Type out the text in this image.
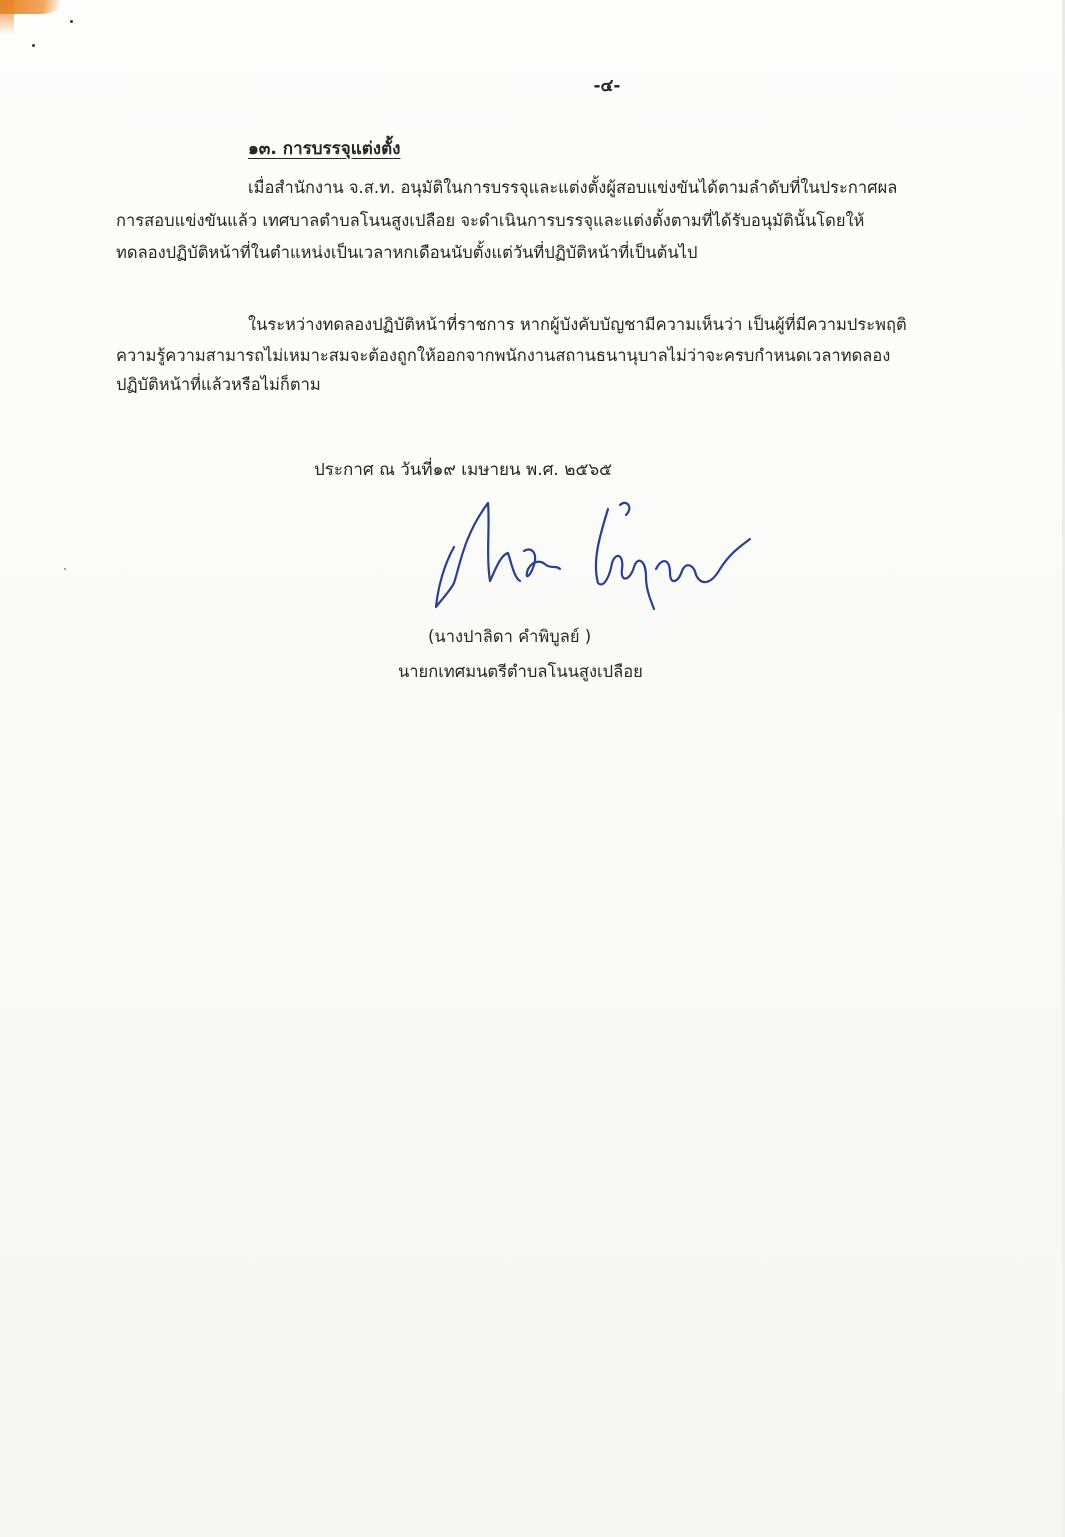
-๔-
๑๓. การบรรจุแต่งตั้ง
เมื่อสำนักงาน จ.ส.ท. อนุมัติในการบรรจุและแต่งตั้งผู้สอบแข่งขันได้ตามลำดับที่ในประกาศผล
การสอบแข่งขันแล้ว เทศบาลตำบลโนนสูงเปลือย จะดำเนินการบรรจุและแต่งตั้งตามที่ได้รับอนุมัตินั้นโดยให้
ทดลองปฏิบัติหน้าที่ในตำแหน่งเป็นเวลาหกเดือนนับตั้งแต่วันที่ปฏิบัติหน้าที่เป็นต้นไป
ในระหว่างทดลองปฏิบัติหน้าที่ราชการ หากผู้บังคับบัญชามีความเห็นว่า เป็นผู้ที่มีความประพฤติ
ความรู้ความสามารถไม่เหมาะสมจะต้องถูกให้ออกจากพนักงานสถานธนานุบาลไม่ว่าจะครบกำหนดเวลาทดลอง
ปฏิบัติหน้าที่แล้วหรือไม่ก็ตาม
ประกาศ ณ วันที่๑๙ เมษายน พ.ศ. ๒๕๖๕
(นางปาลิดา คำพิบูลย์ )
นายกเทศมนตรีตำบลโนนสูงเปลือย
